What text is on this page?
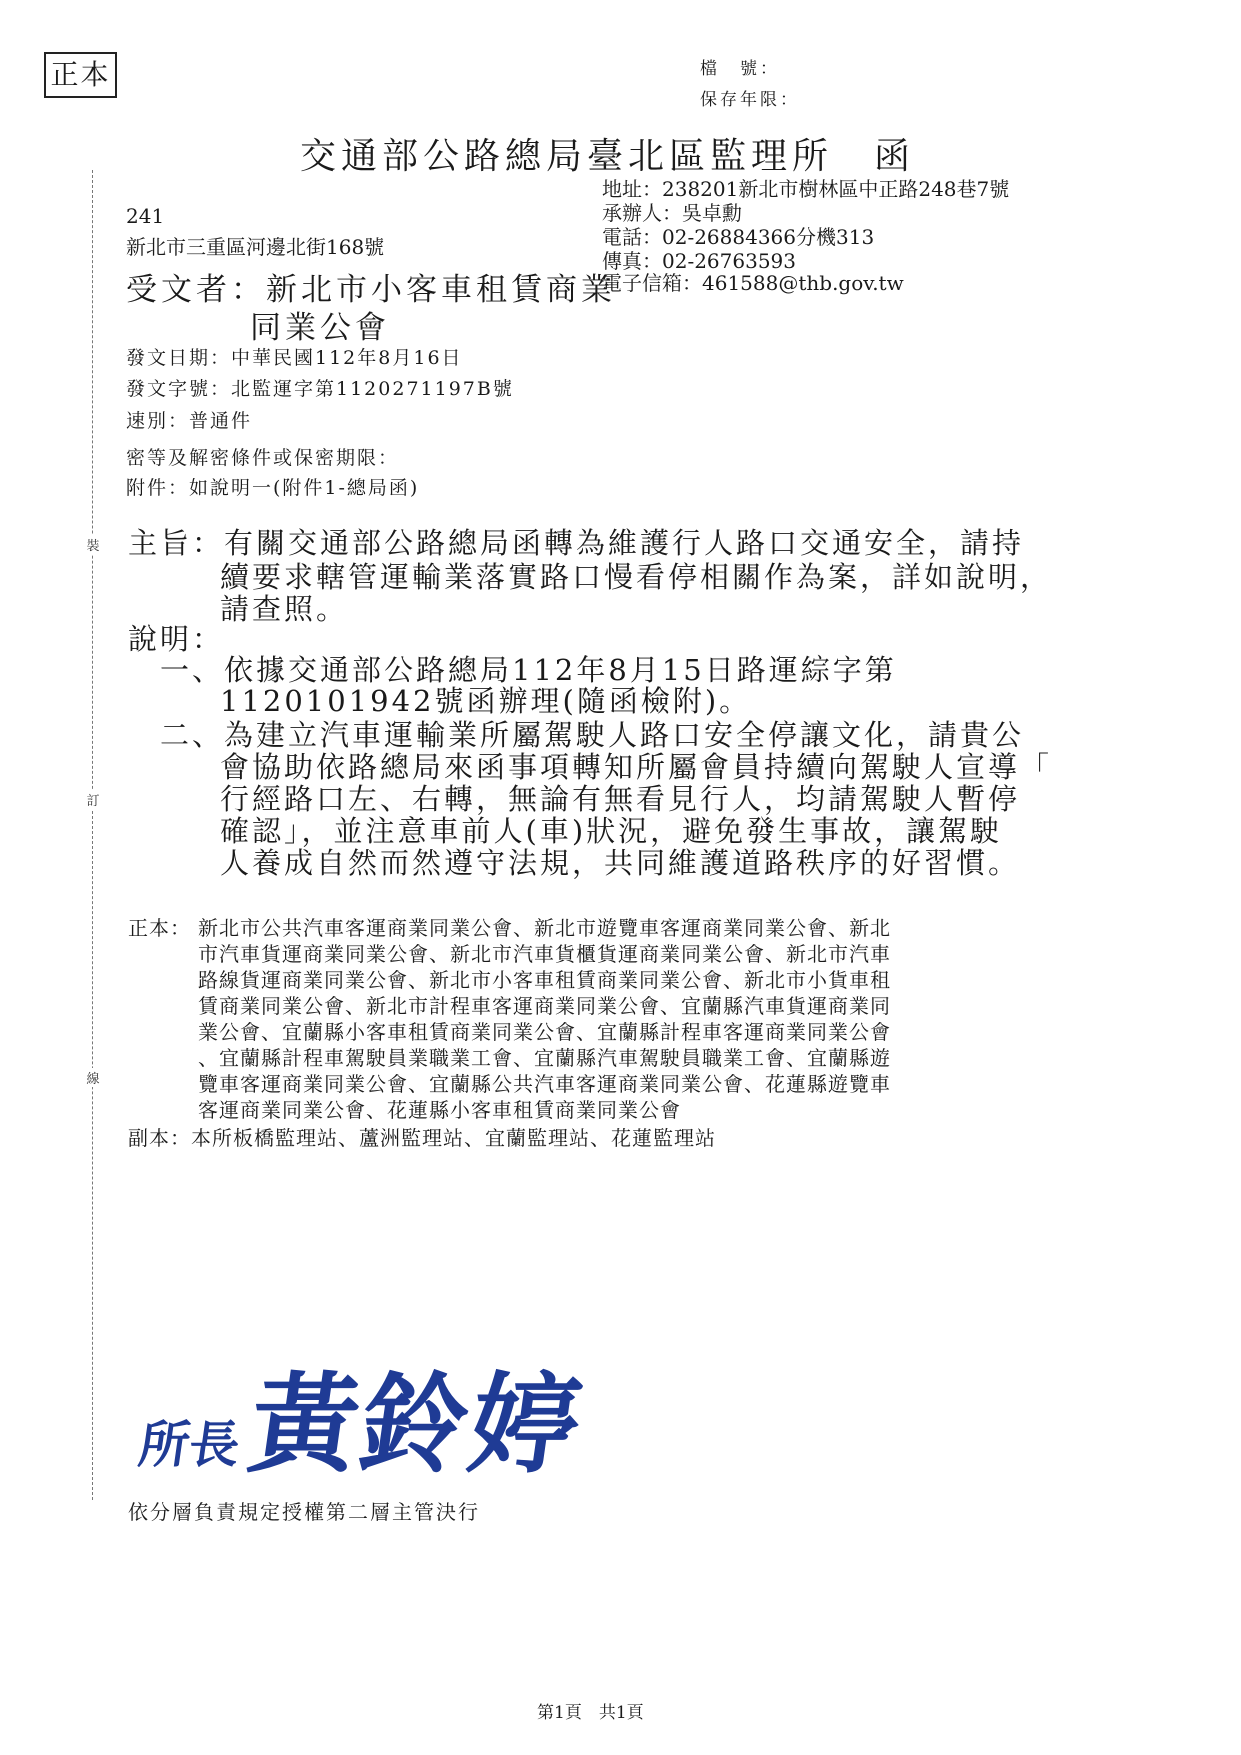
正本	檔　號：
保存年限：
交通部公路總局臺北區監理所　函
裝
訂
線
地址：238201新北市樹林區中正路248巷7號
承辦人：吳卓勳
電話：02-26884366分機313
傳真：02-26763593
電子信箱：461588@thb.gov.tw
241
新北市三重區河邊北街168號
受文者：新北市小客車租賃商業
同業公會
發文日期：中華民國112年8月16日
發文字號：北監運字第1120271197B號
速別：普通件
密等及解密條件或保密期限：
附件：如說明一(附件1-總局函)
主旨：有關交通部公路總局函轉為維護行人路口交通安全，請持
續要求轄管運輸業落實路口慢看停相關作為案，詳如說明，
請查照。
說明：
一、依據交通部公路總局112年8月15日路運綜字第
1120101942號函辦理(隨函檢附)。
二、為建立汽車運輸業所屬駕駛人路口安全停讓文化，請貴公
會協助依路總局來函事項轉知所屬會員持續向駕駛人宣導「
行經路口左、右轉，無論有無看見行人，均請駕駛人暫停
確認」，並注意車前人(車)狀況，避免發生事故，讓駕駛
人養成自然而然遵守法規，共同維護道路秩序的好習慣。
正本： 新北市公共汽車客運商業同業公會、新北市遊覽車客運商業同業公會、新北
市汽車貨運商業同業公會、新北市汽車貨櫃貨運商業同業公會、新北市汽車
路線貨運商業同業公會、新北市小客車租賃商業同業公會、新北市小貨車租
賃商業同業公會、新北市計程車客運商業同業公會、宜蘭縣汽車貨運商業同
業公會、宜蘭縣小客車租賃商業同業公會、宜蘭縣計程車客運商業同業公會
、宜蘭縣計程車駕駛員業職業工會、宜蘭縣汽車駕駛員職業工會、宜蘭縣遊
覽車客運商業同業公會、宜蘭縣公共汽車客運商業同業公會、花蓮縣遊覽車
客運商業同業公會、花蓮縣小客車租賃商業同業公會
副本：本所板橋監理站、蘆洲監理站、宜蘭監理站、花蓮監理站
所長黃鈴婷
依分層負責規定授權第二層主管決行
第1頁　共1頁
